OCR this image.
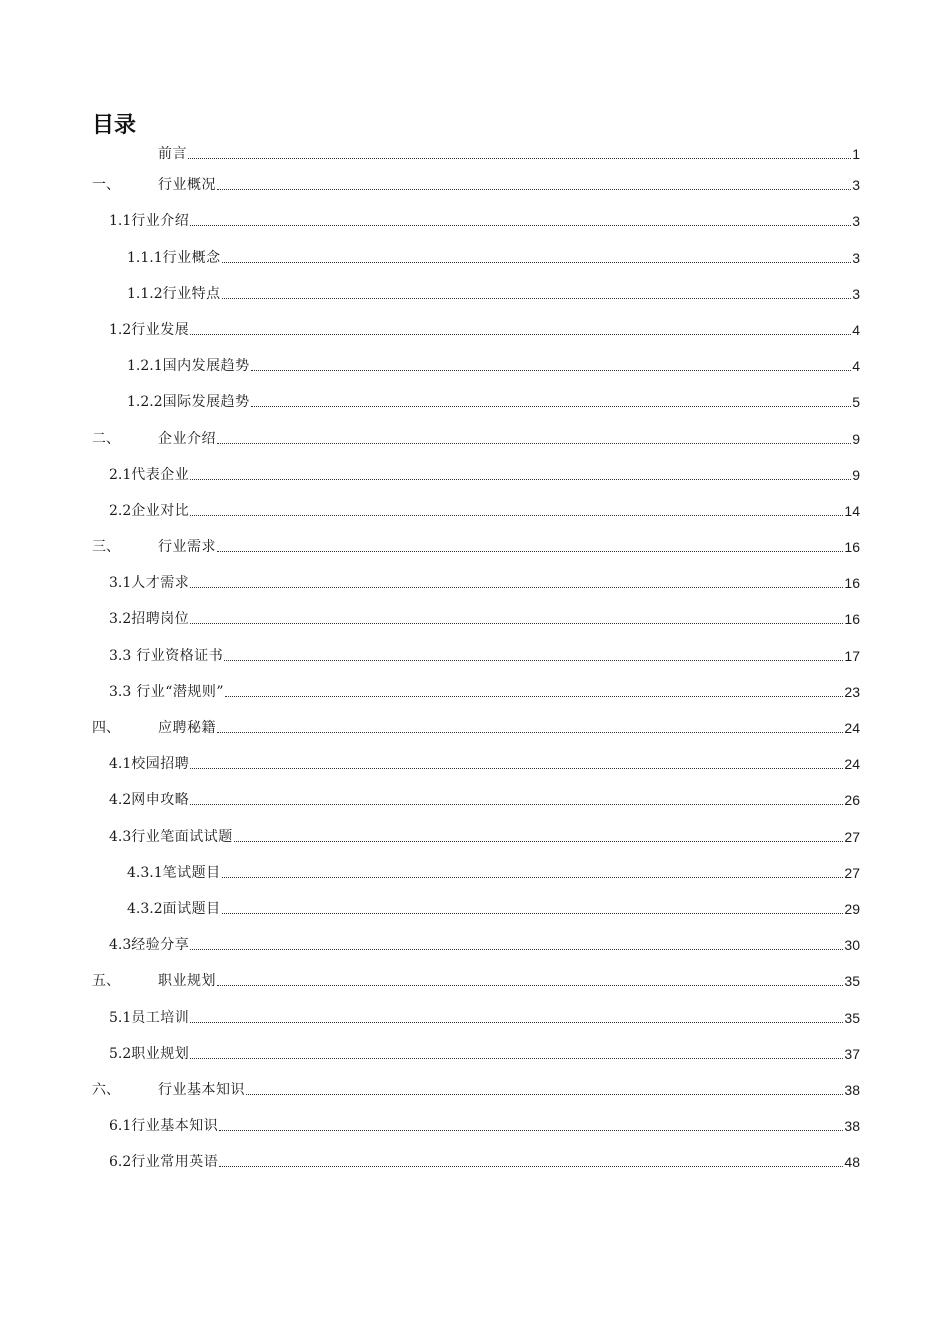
目录
前言	1
一、	行业概况	3
1.1 行业介绍	3
1.1.1 行业概念	3
1.1.2 行业特点	3
1.2 行业发展	4
1.2.1 国内发展趋势	4
1.2.2 国际发展趋势	5
二、	企业介绍	9
2.1 代表企业	9
2.2 企业对比	14
三、	行业需求	16
3.1 人才需求	16
3.2 招聘岗位	16
3.3 行业资格证书	17
3.3 行业“潜规则”	23
四、	应聘秘籍	24
4.1 校园招聘	24
4.2 网申攻略	26
4.3 行业笔面试试题	27
4.3.1 笔试题目	27
4.3.2 面试题目	29
4.3 经验分享	30
五、	职业规划	35
5.1 员工培训	35
5.2 职业规划	37
六、	行业基本知识	38
6.1 行业基本知识	38
6.2 行业常用英语	48
